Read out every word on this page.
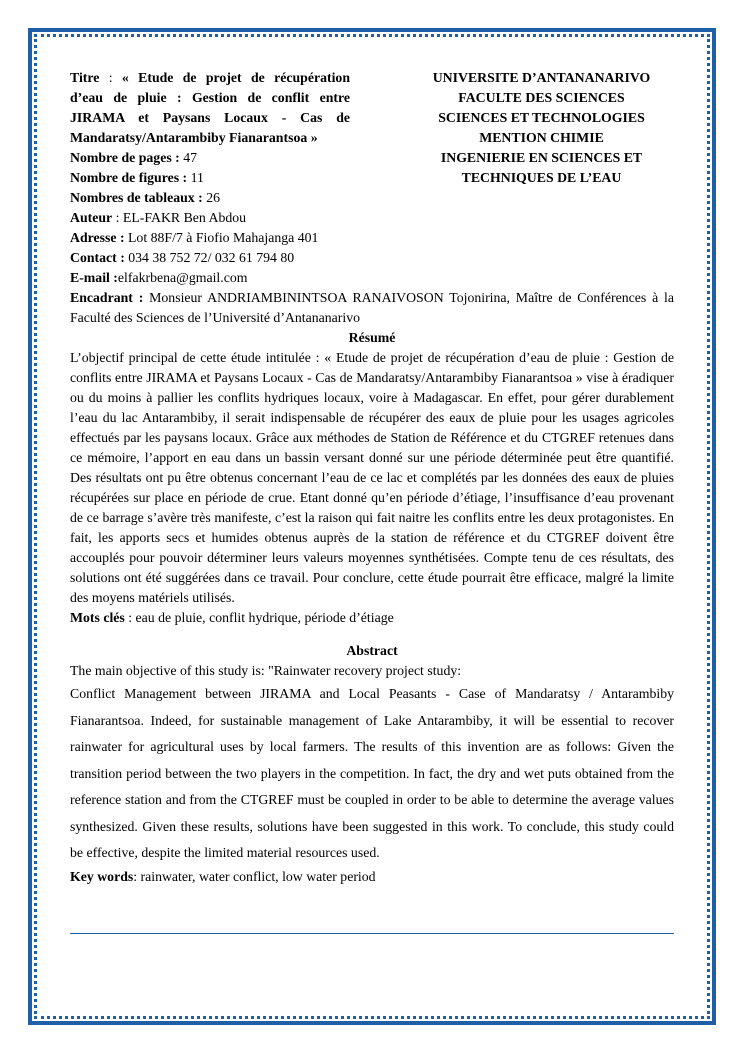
Titre : « Etude de projet de récupération
d’eau de pluie : Gestion de conflit entre
JIRAMA et Paysans Locaux - Cas de
Mandaratsy/Antarambiby Fianarantsoa »
Nombre de pages : 47
Nombre de figures : 11
Nombres de tableaux : 26
Auteur : EL-FAKR Ben Abdou
Adresse : Lot 88F/7 à Fiofio Mahajanga 401
Contact : 034 38 752 72/ 032 61 794 80
E-mail :elfakrbena@gmail.com
UNIVERSITE D’ANTANANARIVO
FACULTE DES SCIENCES
SCIENCES ET TECHNOLOGIES
MENTION CHIMIE
INGENIERIE EN SCIENCES ET
TECHNIQUES DE L’EAU
Encadrant : Monsieur ANDRIAMBININTSOA RANAIVOSON Tojonirina, Maître de Conférences à la Faculté des Sciences de l’Université d’Antananarivo
Résumé
L’objectif principal de cette étude intitulée : « Etude de projet de récupération d’eau de pluie : Gestion de conflits entre JIRAMA et Paysans Locaux - Cas de Mandaratsy/Antarambiby Fianarantsoa » vise à éradiquer ou du moins à pallier les conflits hydriques locaux, voire à Madagascar. En effet, pour gérer durablement l’eau du lac Antarambiby, il serait indispensable de récupérer des eaux de pluie pour les usages agricoles effectués par les paysans locaux. Grâce aux méthodes de Station de Référence et du CTGREF retenues dans ce mémoire, l’apport en eau dans un bassin versant donné sur une période déterminée peut être quantifié. Des résultats ont pu être obtenus concernant l’eau de ce lac et complétés par les données des eaux de pluies récupérées sur place en période de crue. Etant donné qu’en période d’étiage, l’insuffisance d’eau provenant de ce barrage s’avère très manifeste, c’est la raison qui fait naitre les conflits entre les deux protagonistes. En fait, les apports secs et humides obtenus auprès de la station de référence et du CTGREF doivent être accouplés pour pouvoir déterminer leurs valeurs moyennes synthétisées. Compte tenu de ces résultats, des solutions ont été suggérées dans ce travail. Pour conclure, cette étude pourrait être efficace, malgré la limite des moyens matériels utilisés.
Mots clés : eau de pluie, conflit hydrique, période d’étiage
Abstract
The main objective of this study is: "Rainwater recovery project study:
Conflict Management between JIRAMA and Local Peasants - Case of Mandaratsy / Antarambiby Fianarantsoa. Indeed, for sustainable management of Lake Antarambiby, it will be essential to recover rainwater for agricultural uses by local farmers. The results of this invention are as follows: Given the transition period between the two players in the competition. In fact, the dry and wet puts obtained from the reference station and from the CTGREF must be coupled in order to be able to determine the average values synthesized. Given these results, solutions have been suggested in this work. To conclude, this study could be effective, despite the limited material resources used.
Key words: rainwater, water conflict, low water period
